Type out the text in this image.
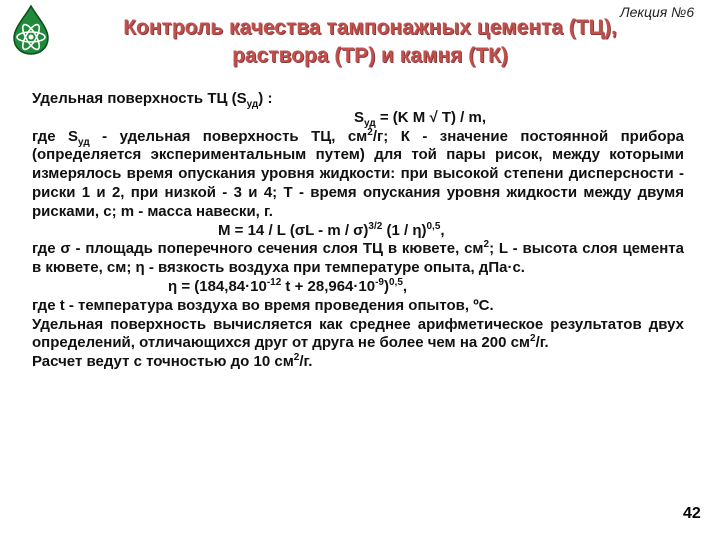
Лекция №6
Контроль качества тампонажных цемента (ТЦ),
раствора (ТР) и камня (ТК)

Удельная поверхность ТЦ $(S_{уд})$ :

$S_{уд} = (K$ M √ T) / m,

где $S_{уд}$ - удельная поверхность ТЦ, $см^2/г$; К - значение постоянной прибора (определяется экспериментальным путем) для той пары рисок, между которыми измерялось время опускания уровня жидкости: при высокой степени дисперсности - риски 1 и 2, при низкой - 3 и 4; Т - время опускания уровня жидкости между двумя рисками, с; m - масса навески, г.

M = 14 / L (σL - m / σ)$^{3/2}$ (1 / η)$^{0,5}$,

где σ - площадь поперечного сечения слоя ТЦ в кювете, $см^2$; L - высота слоя цемента в кювете, см; η - вязкость воздуха при температуре опыта, дПа·с.

$\eta = (184,84\cdot 10^{-12}$ $t + 28,964\cdot 10^{-9})^{0,5}$,

где t - температура воздуха во время проведения опытов, ºС.

Удельная поверхность вычисляется как среднее арифметическое результатов двух определений, отличающихся друг от друга не более чем на 200 $см^2/г$.

Расчет ведут с точностью до 10 $см^2/г$.

42
